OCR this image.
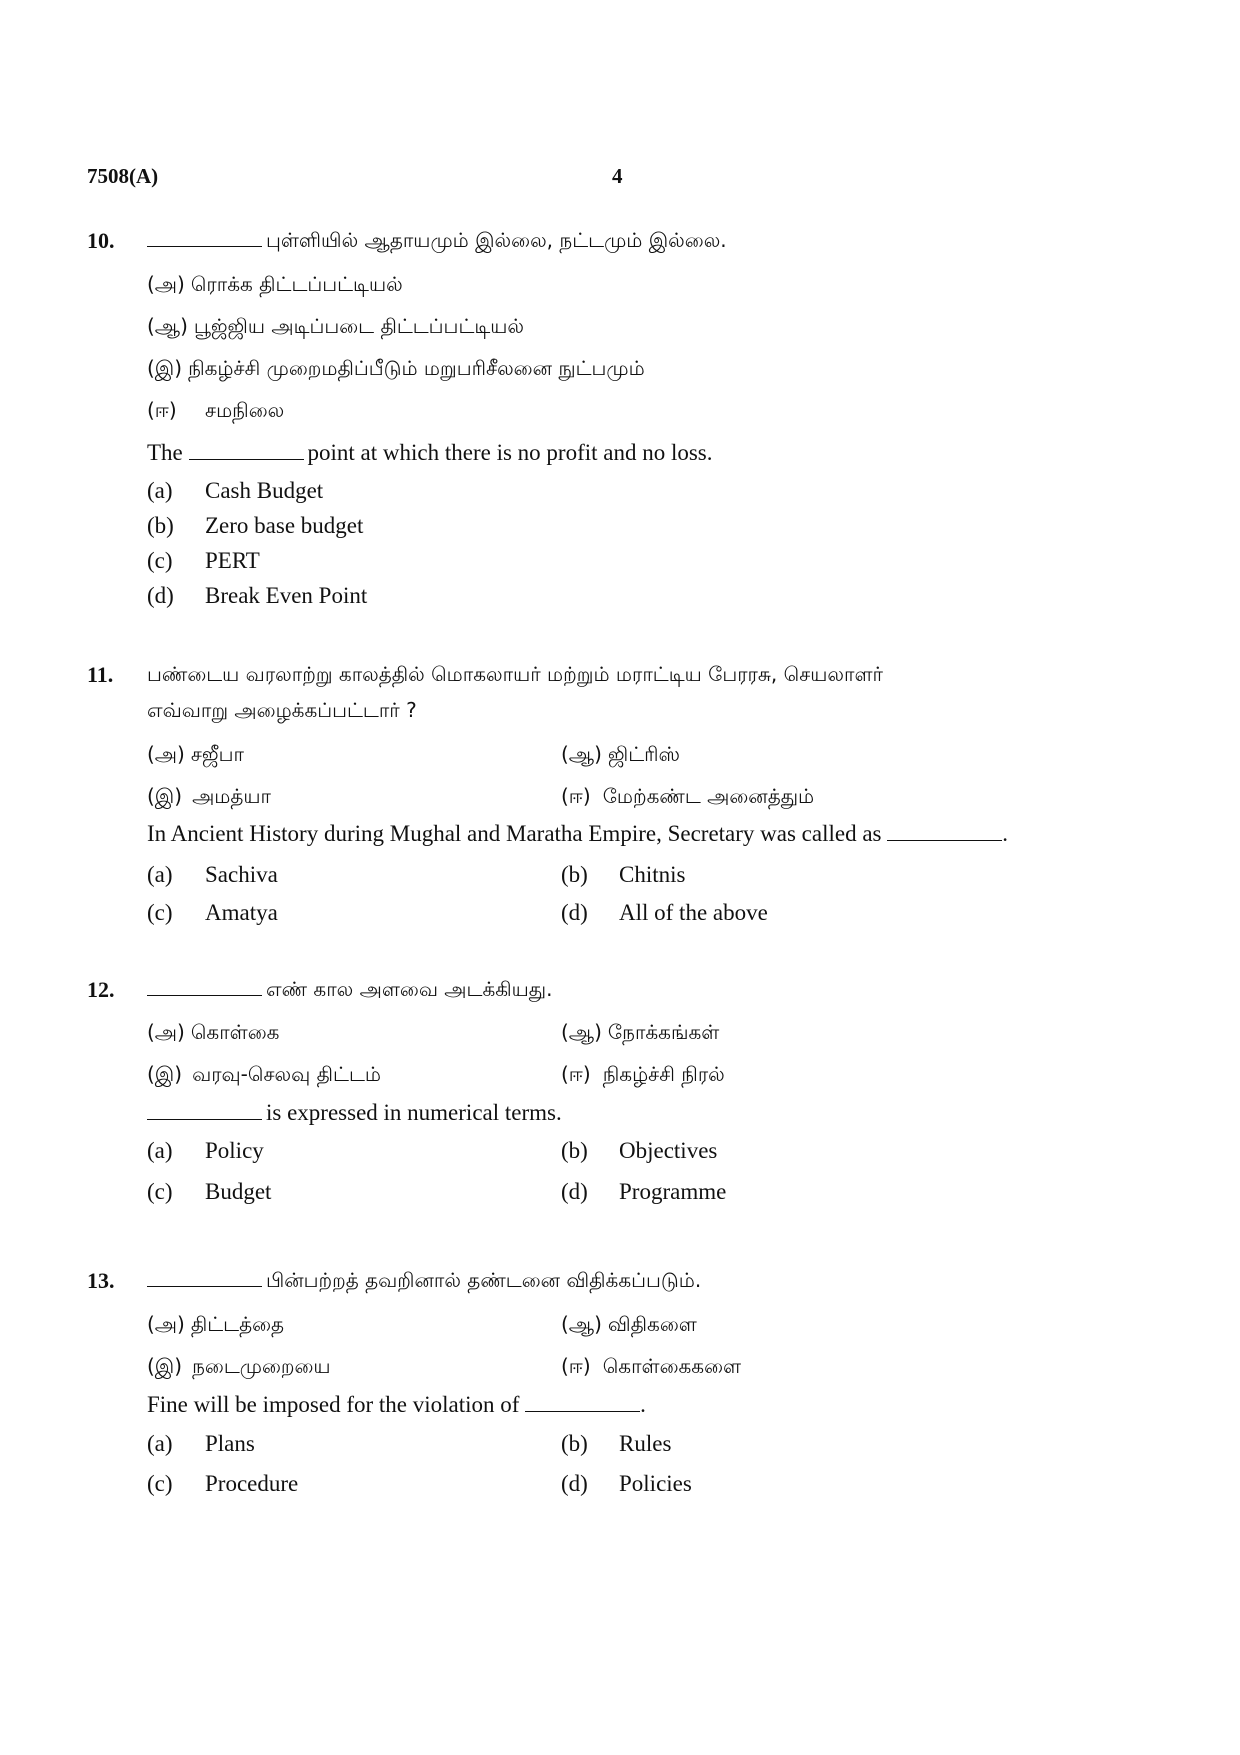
7508(A)	4
10.	புள்ளியில் ஆதாயமும் இல்லை, நட்டமும் இல்லை.
(அ) ரொக்க திட்டப்பட்டியல்
(ஆ) பூஜ்ஜிய அடிப்படை திட்டப்பட்டியல்
(இ) நிகழ்ச்சி முறைமதிப்பீடும் மறுபரிசீலனை நுட்பமும்
(ஈ) சமநிலை
The	point at which there is no profit and no loss.
(a) Cash Budget
(b) Zero base budget
(c) PERT
(d) Break Even Point
11. பண்டைய வரலாற்று காலத்தில் மொகலாயர் மற்றும் மராட்டிய பேரரசு, செயலாளர்
எவ்வாறு அழைக்கப்பட்டார் ?
(அ) சஜீபா	(ஆ) ஜிட்ரிஸ்
(இ) அமத்யா	(ஈ) மேற்கண்ட அனைத்தும்
In Ancient History during Mughal and Maratha Empire, Secretary was called as	.
(a) Sachiva	(b) Chitnis
(c) Amatya	(d) All of the above
12.	எண் கால அளவை அடக்கியது.
(அ) கொள்கை	(ஆ) நோக்கங்கள்
(இ) வரவு-செலவு திட்டம்	(ஈ) நிகழ்ச்சி நிரல்
is expressed in numerical terms.
(a) Policy	(b) Objectives
(c) Budget	(d) Programme
13.	பின்பற்றத் தவறினால் தண்டனை விதிக்கப்படும்.
(அ) திட்டத்தை	(ஆ) விதிகளை
(இ) நடைமுறையை	(ஈ) கொள்கைகளை
Fine will be imposed for the violation of	.
(a) Plans	(b) Rules
(c) Procedure	(d) Policies
